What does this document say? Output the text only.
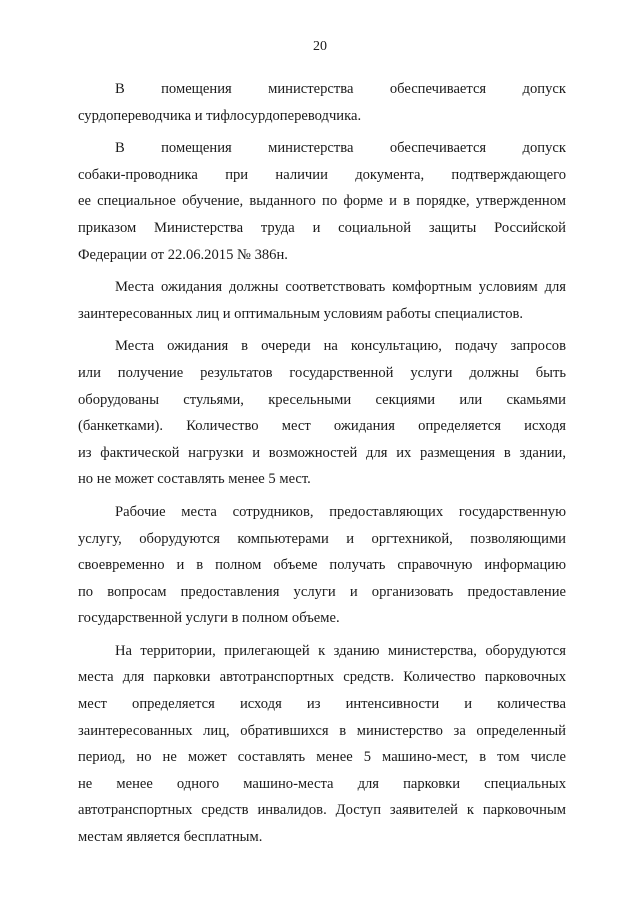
20
В помещения министерства обеспечивается допуск
сурдопереводчика и тифлосурдопереводчика.
В помещения министерства обеспечивается допуск
собаки-проводника при наличии документа, подтверждающего
ее специальное обучение, выданного по форме и в порядке, утвержденном
приказом Министерства труда и социальной защиты Российской
Федерации от 22.06.2015 № 386н.
Места ожидания должны соответствовать комфортным условиям для
заинтересованных лиц и оптимальным условиям работы специалистов.
Места ожидания в очереди на консультацию, подачу запросов
или получение результатов государственной услуги должны быть
оборудованы стульями, кресельными секциями или скамьями
(банкетками). Количество мест ожидания определяется исходя
из фактической нагрузки и возможностей для их размещения в здании,
но не может составлять менее 5 мест.
Рабочие места сотрудников, предоставляющих государственную
услугу, оборудуются компьютерами и оргтехникой, позволяющими
своевременно и в полном объеме получать справочную информацию
по вопросам предоставления услуги и организовать предоставление
государственной услуги в полном объеме.
На территории, прилегающей к зданию министерства, оборудуются
места для парковки автотранспортных средств. Количество парковочных
мест определяется исходя из интенсивности и количества
заинтересованных лиц, обратившихся в министерство за определенный
период, но не может составлять менее 5 машино-мест, в том числе
не менее одного машино-места для парковки специальных
автотранспортных средств инвалидов. Доступ заявителей к парковочным
местам является бесплатным.
